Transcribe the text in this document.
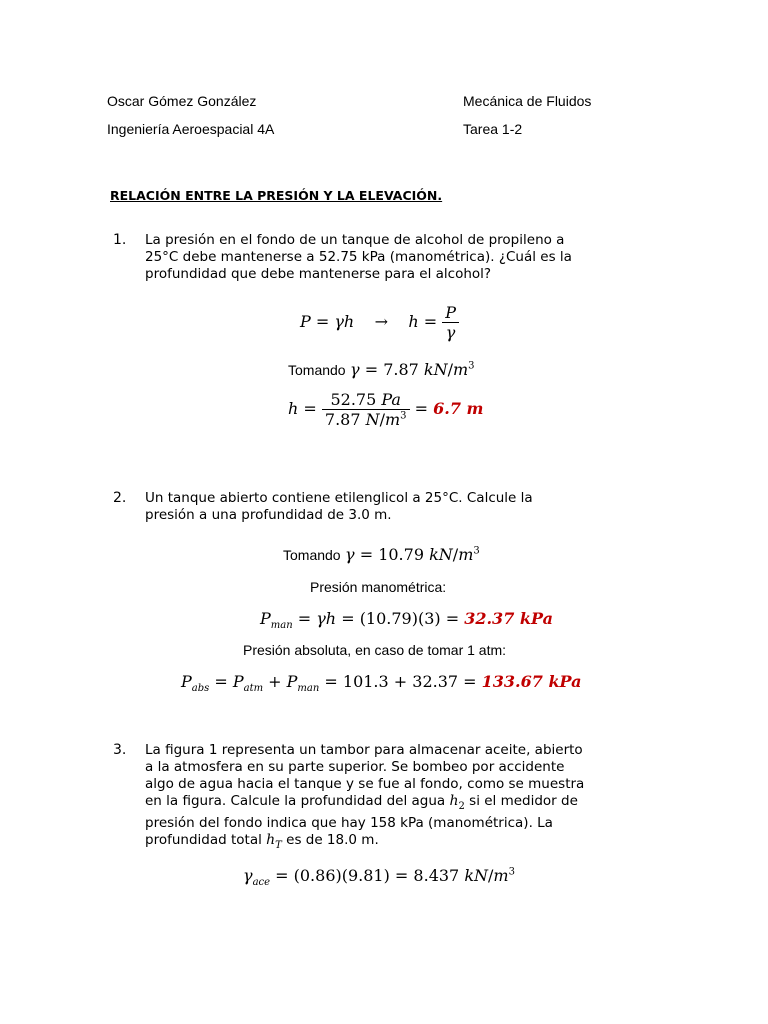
Oscar Gómez González	Mecánica de Fluidos
Ingeniería Aeroespacial 4A	Tarea 1-2
RELACIÓN ENTRE LA PRESIÓN Y LA ELEVACIÓN.
1. La presión en el fondo de un tanque de alcohol de propileno a 25°C debe mantenerse a 52.75 kPa (manométrica). ¿Cuál es la profundidad que debe mantenerse para el alcohol?
P = γh    →    $h = \frac{P}{\gamma}$
Tomando γ = 7.87 $kN/m^3$
$h = \frac{52.75 Pa}{7.87 N/m^3} = 6.7$ m
2. Un tanque abierto contiene etilenglicol a 25°C. Calcule la presión a una profundidad de 3.0 m.
Tomando γ = 10.79 $kN/m^3$
Presión manométrica:
$P_{man} = \gamma h = (10.79)(3) = 32.37$ kPa
Presión absoluta, en caso de tomar 1 atm:
$P_{abs} = P_{atm} + P_{man} = 101.3 + 32.37 = 133.67$ kPa
3. La figura 1 representa un tambor para almacenar aceite, abierto a la atmosfera en su parte superior. Se bombeo por accidente algo de agua hacia el tanque y se fue al fondo, como se muestra en la figura. Calcule la profundidad del agua $h_2$ si el medidor de presión del fondo indica que hay 158 kPa (manométrica). La profundidad total $h_T$ es de 18.0 m.
$\gamma_{ace} = (0.86)(9.81) = 8.437$ $kN/m^3$
